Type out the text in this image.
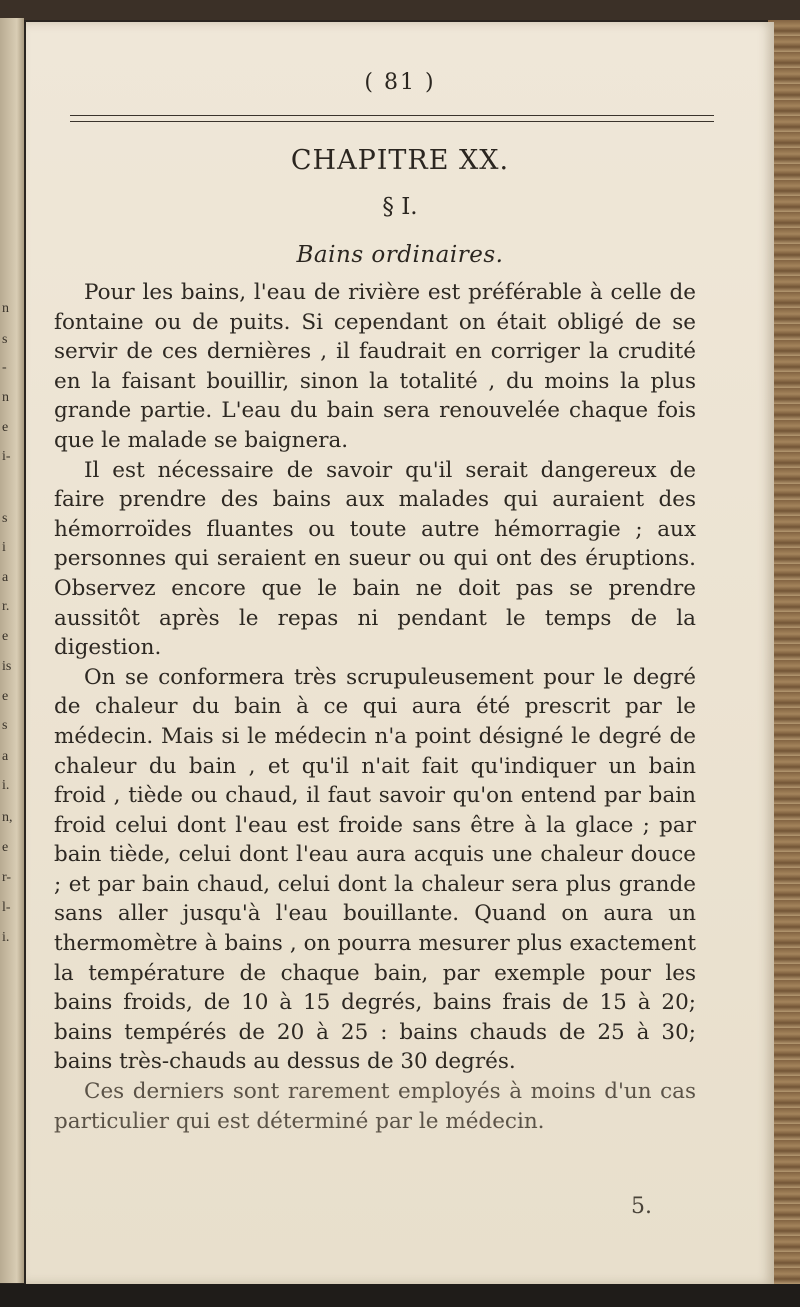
n
s
-
n
e
i-
s
i
a
r.
e
is
e
s
a
i.
n,
e
r-
l-
i.
( 81 )
CHAPITRE XX.
§ I.
Bains ordinaires.

Pour les bains, l'eau de rivière est préférable à celle de fontaine ou de puits. Si cependant on était obligé de se servir de ces dernières , il faudrait en corriger la crudité en la faisant bouillir, sinon la totalité , du moins la plus grande partie. L'eau du bain sera renouvelée chaque fois que le malade se baignera.

Il est nécessaire de savoir qu'il serait dangereux de faire prendre des bains aux malades qui auraient des hémorroïdes fluantes ou toute autre hémorragie ; aux personnes qui seraient en sueur ou qui ont des éruptions. Observez encore que le bain ne doit pas se prendre aussitôt après le repas ni pendant le temps de la digestion.

On se conformera très scrupuleusement pour le degré de chaleur du bain à ce qui aura été prescrit par le médecin. Mais si le médecin n'a point désigné le degré de chaleur du bain , et qu'il n'ait fait qu'indiquer un bain froid , tiède ou chaud, il faut savoir qu'on entend par bain froid celui dont l'eau est froide sans être à la glace ; par bain tiède, celui dont l'eau aura acquis une chaleur douce ; et par bain chaud, celui dont la chaleur sera plus grande sans aller jusqu'à l'eau bouillante. Quand on aura un thermomètre à bains , on pourra mesurer plus exactement la température de chaque bain, par exemple pour les bains froids, de 10 à 15 degrés, bains frais de 15 à 20; bains tempérés de 20 à 25 : bains chauds de 25 à 30; bains très-chauds au dessus de 30 degrés.

Ces derniers sont rarement employés à moins d'un cas particulier qui est déterminé par le médecin.

5.
